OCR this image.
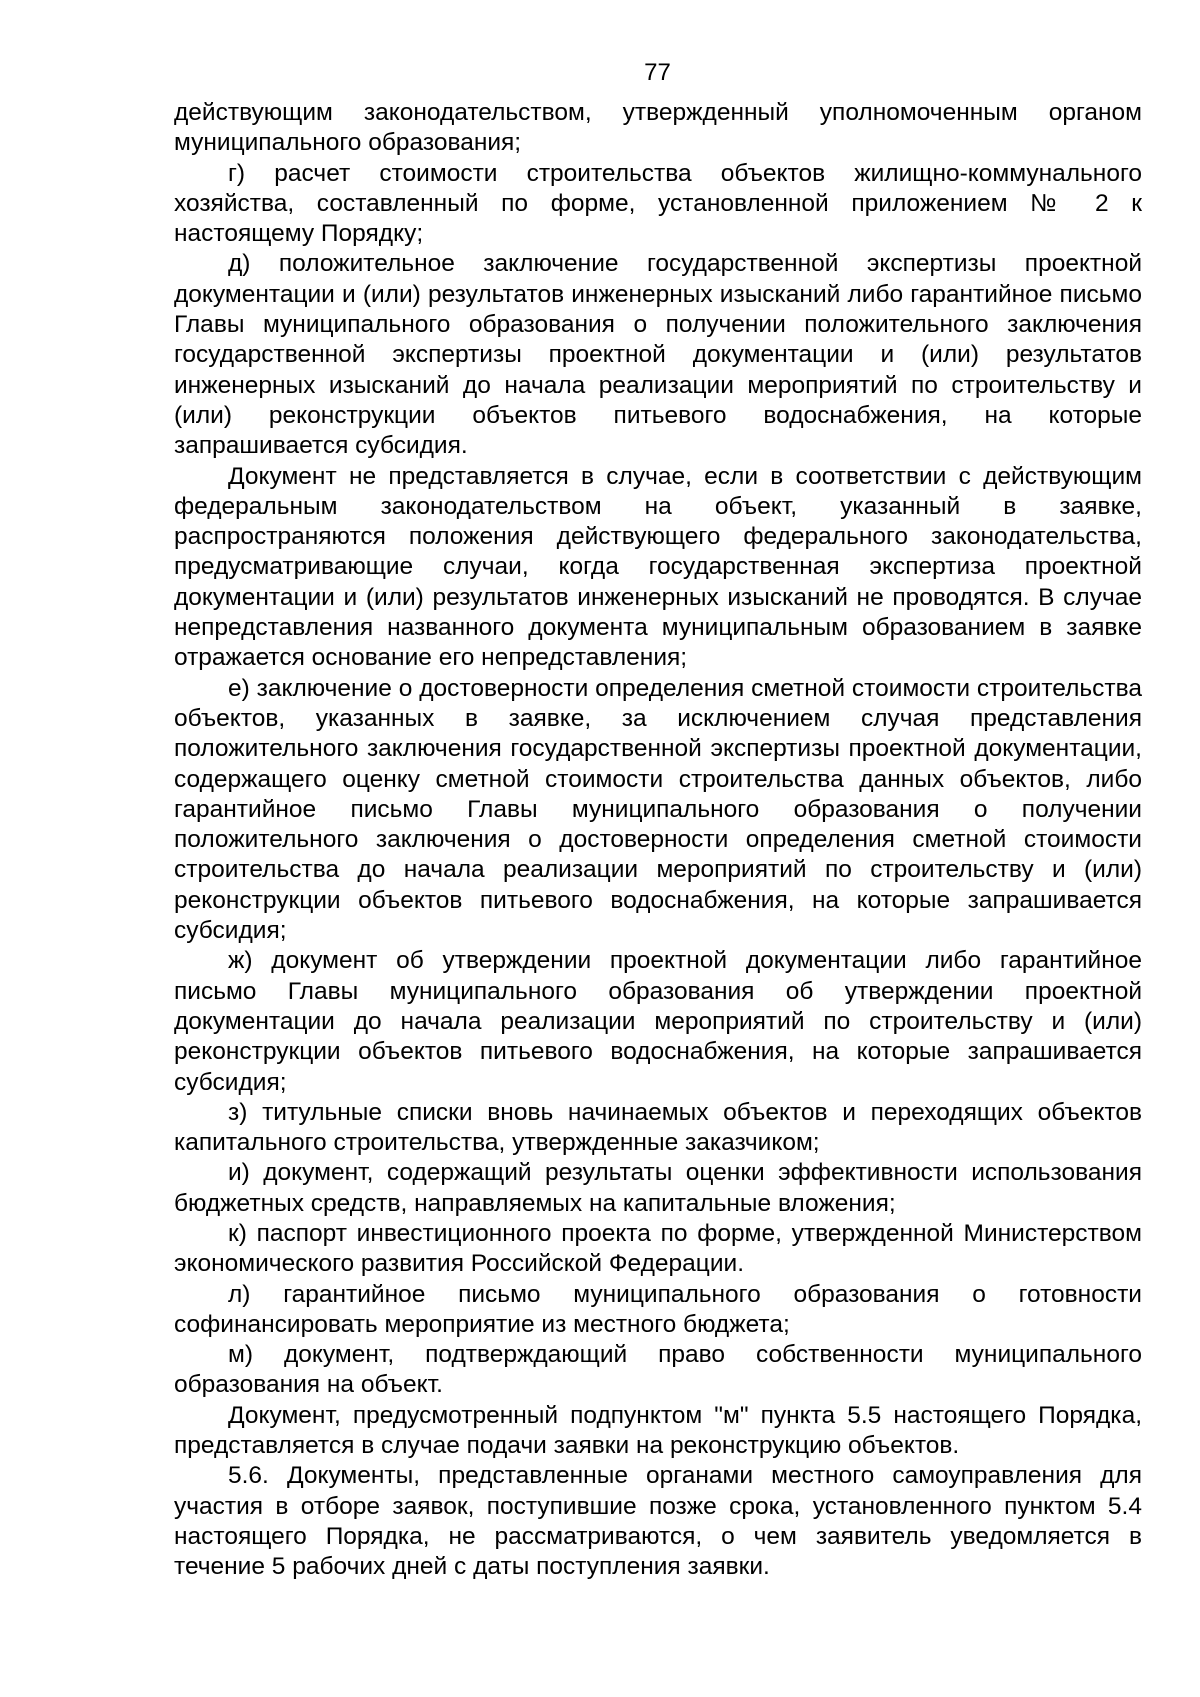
77

действующим законодательством, утвержденный уполномоченным органом муниципального образования;

г) расчет стоимости строительства объектов жилищно-коммунального хозяйства, составленный по форме, установленной приложением № 2 к настоящему Порядку;

д) положительное заключение государственной экспертизы проектной документации и (или) результатов инженерных изысканий либо гарантийное письмо Главы муниципального образования о получении положительного заключения государственной экспертизы проектной документации и (или) результатов инженерных изысканий до начала реализации мероприятий по строительству и (или) реконструкции объектов питьевого водоснабжения, на которые запрашивается субсидия.

Документ не представляется в случае, если в соответствии с действующим федеральным законодательством на объект, указанный в заявке, распространяются положения действующего федерального законодательства, предусматривающие случаи, когда государственная экспертиза проектной документации и (или) результатов инженерных изысканий не проводятся. В случае непредставления названного документа муниципальным образованием в заявке отражается основание его непредставления;

е) заключение о достоверности определения сметной стоимости строительства объектов, указанных в заявке, за исключением случая представления положительного заключения государственной экспертизы проектной документации, содержащего оценку сметной стоимости строительства данных объектов, либо гарантийное письмо Главы муниципального образования о получении положительного заключения о достоверности определения сметной стоимости строительства до начала реализации мероприятий по строительству и (или) реконструкции объектов питьевого водоснабжения, на которые запрашивается субсидия;

ж) документ об утверждении проектной документации либо гарантийное письмо Главы муниципального образования об утверждении проектной документации до начала реализации мероприятий по строительству и (или) реконструкции объектов питьевого водоснабжения, на которые запрашивается субсидия;

з) титульные списки вновь начинаемых объектов и переходящих объектов капитального строительства, утвержденные заказчиком;

и) документ, содержащий результаты оценки эффективности использования бюджетных средств, направляемых на капитальные вложения;

к) паспорт инвестиционного проекта по форме, утвержденной Министерством экономического развития Российской Федерации.

л) гарантийное письмо муниципального образования о готовности софинансировать мероприятие из местного бюджета;

м) документ, подтверждающий право собственности муниципального образования на объект.

Документ, предусмотренный подпунктом "м" пункта 5.5 настоящего Порядка, представляется в случае подачи заявки на реконструкцию объектов.

5.6. Документы, представленные органами местного самоуправления для участия в отборе заявок, поступившие позже срока, установленного пунктом 5.4 настоящего Порядка, не рассматриваются, о чем заявитель уведомляется в течение 5 рабочих дней с даты поступления заявки.
